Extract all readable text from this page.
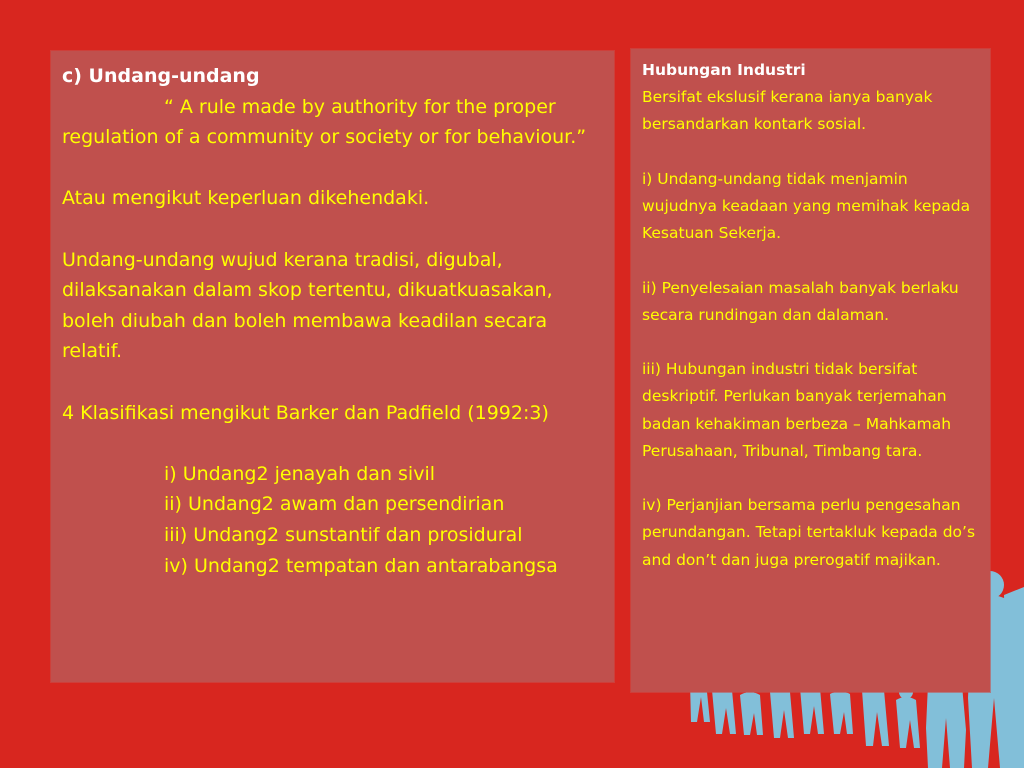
c) Undang-undang

“ A rule made by authority for the proper

regulation of a community or society or for behaviour.”

Atau mengikut keperluan dikehendaki.

Undang-undang wujud kerana tradisi, digubal, dilaksanakan dalam skop tertentu, dikuatkuasakan, boleh diubah dan boleh membawa keadilan secara relatif.

4 Klasifikasi mengikut Barker dan Padfield (1992:3)

i) Undang2 jenayah dan sivil

ii) Undang2 awam dan persendirian

iii) Undang2 sunstantif dan prosidural

iv) Undang2 tempatan dan antarabangsa

Hubungan Industri

Bersifat ekslusif kerana ianya banyak bersandarkan kontark sosial.

i) Undang-undang tidak menjamin wujudnya keadaan yang memihak kepada Kesatuan Sekerja.

ii) Penyelesaian masalah banyak berlaku secara rundingan dan dalaman.

iii) Hubungan industri tidak bersifat deskriptif. Perlukan banyak terjemahan badan kehakiman berbeza – Mahkamah Perusahaan, Tribunal, Timbang tara.

iv) Perjanjian bersama perlu pengesahan perundangan. Tetapi tertakluk kepada do’s and don’t dan juga prerogatif majikan.
